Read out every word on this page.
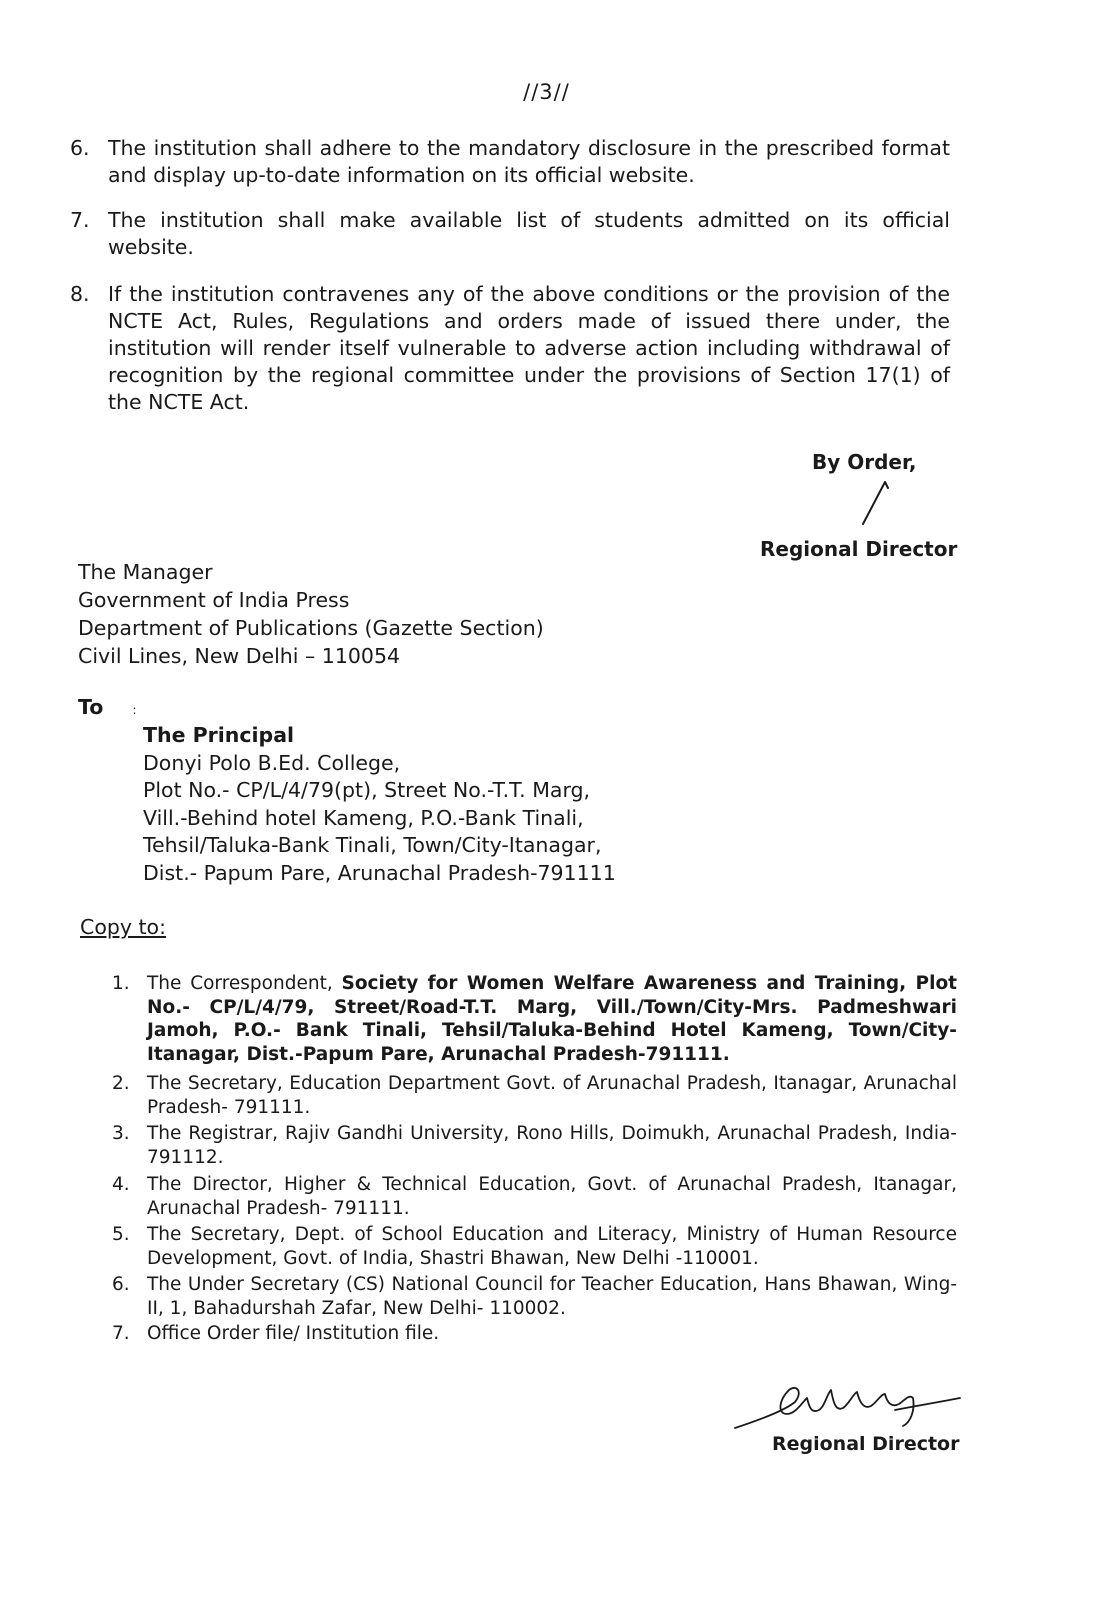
//3//
6. The institution shall adhere to the mandatory disclosure in the prescribed format and display up-to-date information on its official website.
7. The institution shall make available list of students admitted on its official website.
8. If the institution contravenes any of the above conditions or the provision of the NCTE Act, Rules, Regulations and orders made of issued there under, the institution will render itself vulnerable to adverse action including withdrawal of recognition by the regional committee under the provisions of Section 17(1) of the NCTE Act.
By Order,
Regional Director
The Manager
Government of India Press
Department of Publications (Gazette Section)
Civil Lines, New Delhi – 110054
To :
The Principal
Donyi Polo B.Ed. College,
Plot No.- CP/L/4/79(pt), Street No.-T.T. Marg,
Vill.-Behind hotel Kameng, P.O.-Bank Tinali,
Tehsil/Taluka-Bank Tinali, Town/City-Itanagar,
Dist.- Papum Pare, Arunachal Pradesh-791111
Copy to:
1. The Correspondent, Society for Women Welfare Awareness and Training, Plot No.- CP/L/4/79, Street/Road-T.T. Marg, Vill./Town/City-Mrs. Padmeshwari Jamoh, P.O.- Bank Tinali, Tehsil/Taluka-Behind Hotel Kameng, Town/City-Itanagar, Dist.-Papum Pare, Arunachal Pradesh-791111.
2. The Secretary, Education Department Govt. of Arunachal Pradesh, Itanagar, Arunachal Pradesh- 791111.
3. The Registrar, Rajiv Gandhi University, Rono Hills, Doimukh, Arunachal Pradesh, India- 791112.
4. The Director, Higher & Technical Education, Govt. of Arunachal Pradesh, Itanagar, Arunachal Pradesh- 791111.
5. The Secretary, Dept. of School Education and Literacy, Ministry of Human Resource Development, Govt. of India, Shastri Bhawan, New Delhi -110001.
6. The Under Secretary (CS) National Council for Teacher Education, Hans Bhawan, Wing-II, 1, Bahadurshah Zafar, New Delhi- 110002.
7. Office Order file/ Institution file.
Regional Director
